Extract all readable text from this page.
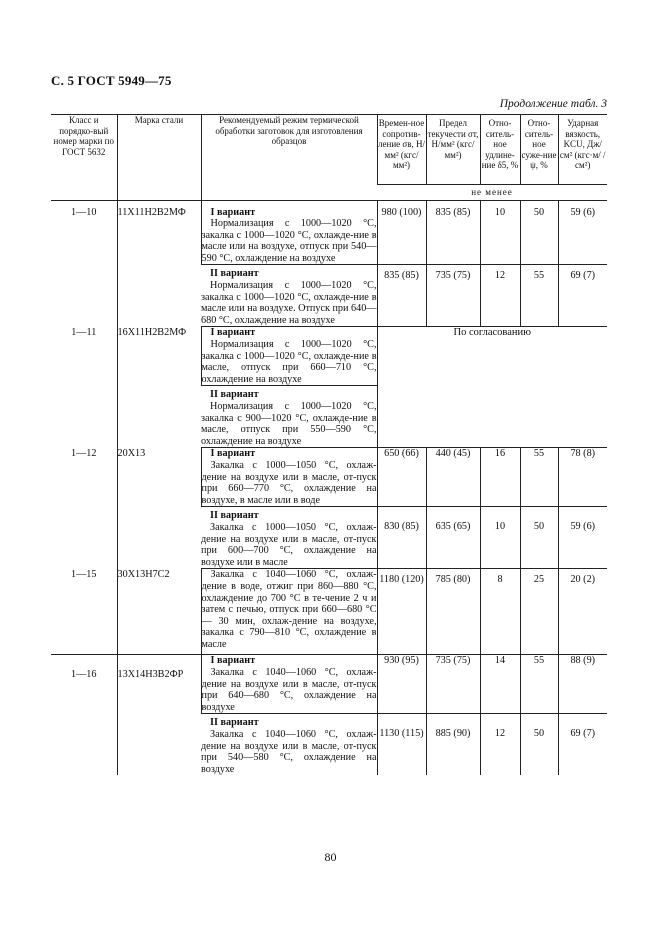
С. 5 ГОСТ 5949—75
Продолжение табл. 3
Класс и порядко-вый номер марки по ГОСТ 5632	Марка стали	Рекомендуемый режим термической обработки заготовок для изготовления образцов	Времен-ное сопротив-ление σв, Н/мм² (кгс/мм²)	Предел текучести σт, Н/мм² (кгс/мм²)	Отно-ситель-ное удлине-ние δ5, %	Отно-ситель-ное суже-ние ψ, %	Ударная вязкость, KCU, Дж/см² (кгс·м/ /см²)
			не менее				

1—10	11Х11Н2В2МФ	I вариант
Нормализация с 1000—1020 °С, закалка с 1000—1020 °С, охлажде-ние в масле или на воздухе, отпуск при 540—590 °С, охлаждение на воздухе	980 (100)	835 (85)	10	50	59 (6)

		II вариант
Нормализация с 1000—1020 °С, закалка с 1000—1020 °С, охлажде-ние в масле или на воздухе. Отпуск при 640—680 °С, охлаждение на воздухе	835 (85)	735 (75)	12	55	69 (7)
1—11	16Х11Н2В2МФ	I вариант
Нормализация с 1000—1020 °С, закалка с 1000—1020 °С, охлажде-ние в масле, отпуск при 660—710 °С, охлаждение на воздухе	По согласованию				

		II вариант
Нормализация с 1000—1020 °С, закалка с 900—1020 °С, охлажде-ние в масле, отпуск при 550—590 °С, охлаждение на воздухе					

1—12	20Х13	I вариант
Закалка с 1000—1050 °С, охлаж-дение на воздухе или в масле, от-пуск при 660—770 °С, охлаждение на воздухе, в масле или в воде	650 (66)	440 (45)	16	55	78 (8)

		II вариант
Закалка с 1000—1050 °С, охлаж-дение на воздухе или в масле, от-пуск при 600—700 °С, охлаждение на воздухе или в масле	830 (85)	635 (65)	10	50	59 (6)
1—15	30Х13Н7С2	Закалка с 1040—1060 °С, охлаж-дение в воде, отжиг при 860—880 °С, охлаждение до 700 °С в те-чение 2 ч и затем с печью, отпуск при 660—680 °С — 30 мин, охлаж-дение на воздухе, закалка с 790—810 °С, охлаждение в масле	1180 (120)	785 (80)	8	25	20 (2)
1—16	13Х14Н3В2ФР	I вариант
Закалка с 1040—1060 °С, охлаж-дение на воздухе или в масле, от-пуск при 640—680 °С, охлаждение на воздухе	930 (95)	735 (75)	14	55	88 (9)

		II вариант
Закалка с 1040—1060 °С, охлаж-дение на воздухе или в масле, от-пуск при 540—580 °С, охлаждение на воздухе	1130 (115)	885 (90)	12	50	69 (7)
80
